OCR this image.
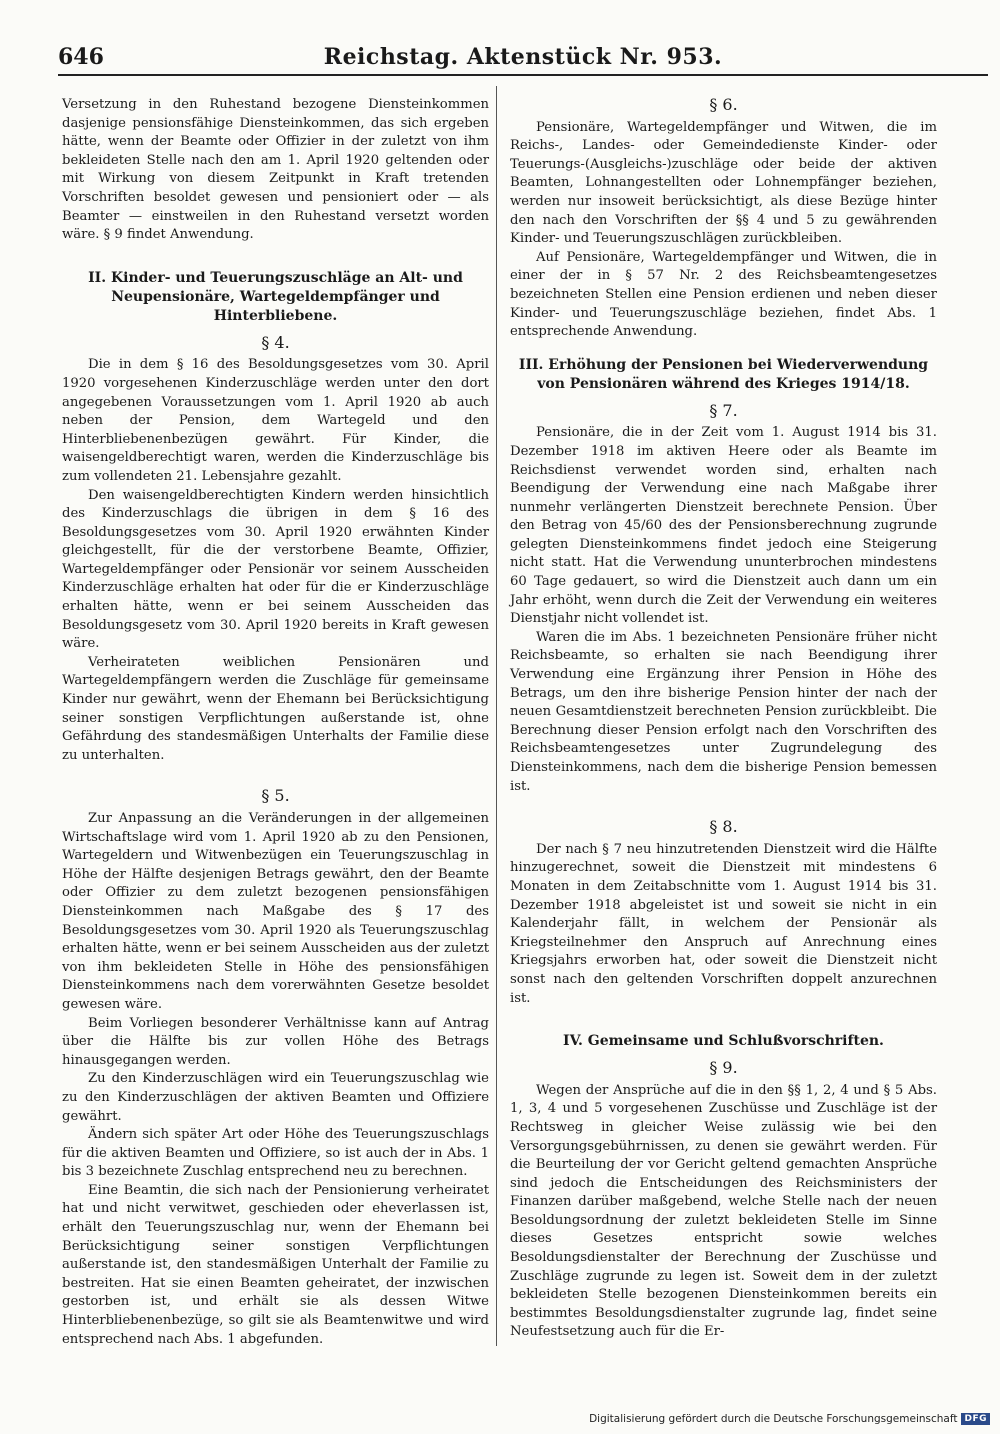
646	Reichstag. Aktenstück Nr. 953.

Versetzung in den Ruhestand bezogene Diensteinkommen dasjenige pensionsfähige Diensteinkommen, das sich ergeben hätte, wenn der Beamte oder Offizier in der zuletzt von ihm bekleideten Stelle nach den am 1. April 1920 geltenden oder mit Wirkung von diesem Zeitpunkt in Kraft tretenden Vorschriften besoldet gewesen und pensioniert oder — als Beamter — einstweilen in den Ruhestand versetzt worden wäre. § 9 findet Anwendung.

II. Kinder- und Teuerungszuschläge an Alt- und Neupensionäre, Wartegeldempfänger und Hinterbliebene.
§ 4.

Die in dem § 16 des Besoldungsgesetzes vom 30. April 1920 vorgesehenen Kinderzuschläge werden unter den dort angegebenen Voraussetzungen vom 1. April 1920 ab auch neben der Pension, dem Wartegeld und den Hinterbliebenenbezügen gewährt. Für Kinder, die waisengeldberechtigt waren, werden die Kinderzuschläge bis zum vollendeten 21. Lebensjahre gezahlt.

Den waisengeldberechtigten Kindern werden hinsichtlich des Kinderzuschlags die übrigen in dem § 16 des Besoldungsgesetzes vom 30. April 1920 erwähnten Kinder gleichgestellt, für die der verstorbene Beamte, Offizier, Wartegeldempfänger oder Pensionär vor seinem Ausscheiden Kinderzuschläge erhalten hat oder für die er Kinderzuschläge erhalten hätte, wenn er bei seinem Ausscheiden das Besoldungsgesetz vom 30. April 1920 bereits in Kraft gewesen wäre.

Verheirateten weiblichen Pensionären und Wartegeldempfängern werden die Zuschläge für gemeinsame Kinder nur gewährt, wenn der Ehemann bei Berücksichtigung seiner sonstigen Verpflichtungen außerstande ist, ohne Gefährdung des standesmäßigen Unterhalts der Familie diese zu unterhalten.

§ 5.

Zur Anpassung an die Veränderungen in der allgemeinen Wirtschaftslage wird vom 1. April 1920 ab zu den Pensionen, Wartegeldern und Witwenbezügen ein Teuerungszuschlag in Höhe der Hälfte desjenigen Betrags gewährt, den der Beamte oder Offizier zu dem zuletzt bezogenen pensionsfähigen Diensteinkommen nach Maßgabe des § 17 des Besoldungsgesetzes vom 30. April 1920 als Teuerungszuschlag erhalten hätte, wenn er bei seinem Ausscheiden aus der zuletzt von ihm bekleideten Stelle in Höhe des pensionsfähigen Diensteinkommens nach dem vorerwähnten Gesetze besoldet gewesen wäre.

Beim Vorliegen besonderer Verhältnisse kann auf Antrag über die Hälfte bis zur vollen Höhe des Betrags hinausgegangen werden.

Zu den Kinderzuschlägen wird ein Teuerungszuschlag wie zu den Kinderzuschlägen der aktiven Beamten und Offiziere gewährt.

Ändern sich später Art oder Höhe des Teuerungszuschlags für die aktiven Beamten und Offiziere, so ist auch der in Abs. 1 bis 3 bezeichnete Zuschlag entsprechend neu zu berechnen.

Eine Beamtin, die sich nach der Pensionierung verheiratet hat und nicht verwitwet, geschieden oder ehеverlassen ist, erhält den Teuerungszuschlag nur, wenn der Ehemann bei Berücksichtigung seiner sonstigen Verpflichtungen außerstande ist, den standesmäßigen Unterhalt der Familie zu bestreiten. Hat sie einen Beamten geheiratet, der inzwischen gestorben ist, und erhält sie als dessen Witwe Hinterbliebenenbezüge, so gilt sie als Beamtenwitwe und wird entsprechend nach Abs. 1 abgefunden.

§ 6.

Pensionäre, Wartegeldempfänger und Witwen, die im Reichs-, Landes- oder Gemeindedienste Kinder- oder Teuerungs-(Ausgleichs-)zuschläge oder beide der aktiven Beamten, Lohnangestellten oder Lohnempfänger beziehen, werden nur insoweit berücksichtigt, als diese Bezüge hinter den nach den Vorschriften der §§ 4 und 5 zu gewährenden Kinder- und Teuerungszuschlägen zurückbleiben.

Auf Pensionäre, Wartegeldempfänger und Witwen, die in einer der in § 57 Nr. 2 des Reichsbeamtengesetzes bezeichneten Stellen eine Pension erdienen und neben dieser Kinder- und Teuerungszuschläge beziehen, findet Abs. 1 entsprechende Anwendung.

III. Erhöhung der Pensionen bei Wiederverwendung von Pensionären während des Krieges 1914/18.
§ 7.

Pensionäre, die in der Zeit vom 1. August 1914 bis 31. Dezember 1918 im aktiven Heere oder als Beamte im Reichsdienst verwendet worden sind, erhalten nach Beendigung der Verwendung eine nach Maßgabe ihrer nunmehr verlängerten Dienstzeit berechnete Pension. Über den Betrag von 45/60 des der Pensionsberechnung zugrunde gelegten Diensteinkommens findet jedoch eine Steigerung nicht statt. Hat die Verwendung ununterbrochen mindestens 60 Tage gedauert, so wird die Dienstzeit auch dann um ein Jahr erhöht, wenn durch die Zeit der Verwendung ein weiteres Dienstjahr nicht vollendet ist.

Waren die im Abs. 1 bezeichneten Pensionäre früher nicht Reichsbeamte, so erhalten sie nach Beendigung ihrer Verwendung eine Ergänzung ihrer Pension in Höhe des Betrags, um den ihre bisherige Pension hinter der nach der neuen Gesamtdienstzeit berechneten Pension zurückbleibt. Die Berechnung dieser Pension erfolgt nach den Vorschriften des Reichsbeamtengesetzes unter Zugrundelegung des Diensteinkommens, nach dem die bisherige Pension bemessen ist.

§ 8.

Der nach § 7 neu hinzutretenden Dienstzeit wird die Hälfte hinzugerechnet, soweit die Dienstzeit mit mindestens 6 Monaten in dem Zeitabschnitte vom 1. August 1914 bis 31. Dezember 1918 abgeleistet ist und soweit sie nicht in ein Kalenderjahr fällt, in welchem der Pensionär als Kriegsteilnehmer den Anspruch auf Anrechnung eines Kriegsjahrs erworben hat, oder soweit die Dienstzeit nicht sonst nach den geltenden Vorschriften doppelt anzurechnen ist.

IV. Gemeinsame und Schlußvorschriften.
§ 9.

Wegen der Ansprüche auf die in den §§ 1, 2, 4 und § 5 Abs. 1, 3, 4 und 5 vorgesehenen Zuschüsse und Zuschläge ist der Rechtsweg in gleicher Weise zulässig wie bei den Versorgungsgebührnissen, zu denen sie gewährt werden. Für die Beurteilung der vor Gericht geltend gemachten Ansprüche sind jedoch die Entscheidungen des Reichsministers der Finanzen darüber maßgebend, welche Stelle nach der neuen Besoldungsordnung der zuletzt bekleideten Stelle im Sinne dieses Gesetzes entspricht sowie welches Besoldungsdienstalter der Berechnung der Zuschüsse und Zuschläge zugrunde zu legen ist. Soweit dem in der zuletzt bekleideten Stelle bezogenen Diensteinkommen bereits ein bestimmtes Besoldungsdienstalter zugrunde lag, findet seine Neufestsetzung auch für die Er-

Digitalisierung gefördert durch die Deutsche Forschungsgemeinschaft DFG
